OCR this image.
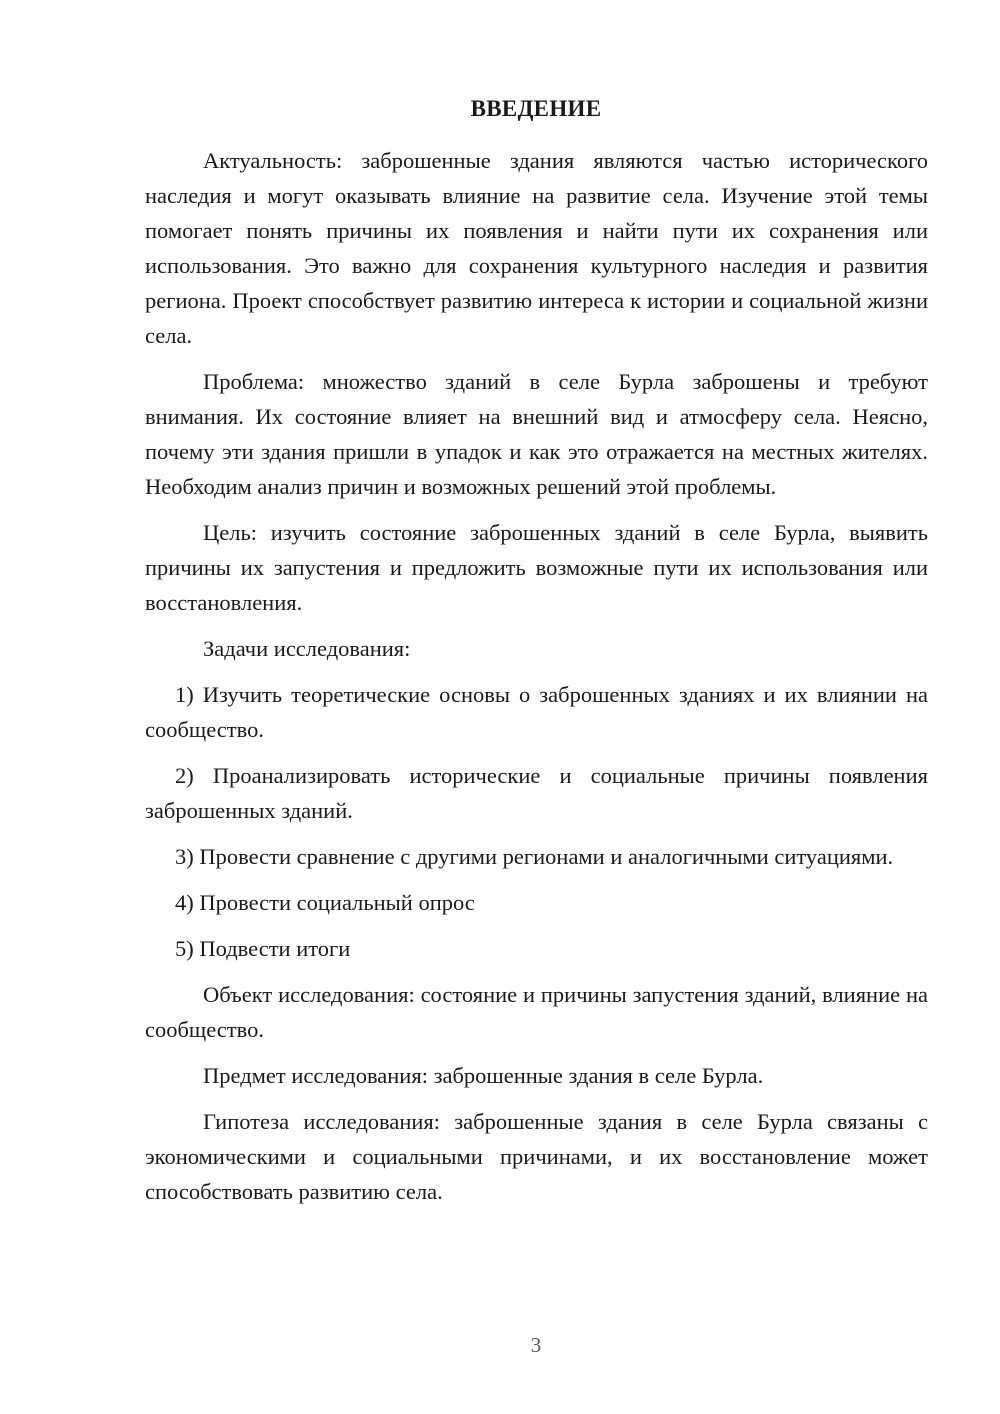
ВВЕДЕНИЕ

Актуальность: заброшенные здания являются частью исторического наследия и могут оказывать влияние на развитие села. Изучение этой темы помогает понять причины их появления и найти пути их сохранения или использования. Это важно для сохранения культурного наследия и развития региона. Проект способствует развитию интереса к истории и социальной жизни села.

Проблема: множество зданий в селе Бурла заброшены и требуют внимания. Их состояние влияет на внешний вид и атмосферу села. Неясно, почему эти здания пришли в упадок и как это отражается на местных жителях. Необходим анализ причин и возможных решений этой проблемы.

Цель: изучить состояние заброшенных зданий в селе Бурла, выявить причины их запустения и предложить возможные пути их использования или восстановления.

Задачи исследования:

1) Изучить теоретические основы о заброшенных зданиях и их влиянии на сообщество.

2) Проанализировать исторические и социальные причины появления заброшенных зданий.

3) Провести сравнение с другими регионами и аналогичными ситуациями.

4) Провести социальный опрос

5) Подвести итоги

Объект исследования: состояние и причины запустения зданий, влияние на сообщество.

Предмет исследования: заброшенные здания в селе Бурла.

Гипотеза исследования: заброшенные здания в селе Бурла связаны с экономическими и социальными причинами, и их восстановление может способствовать развитию села.

3
